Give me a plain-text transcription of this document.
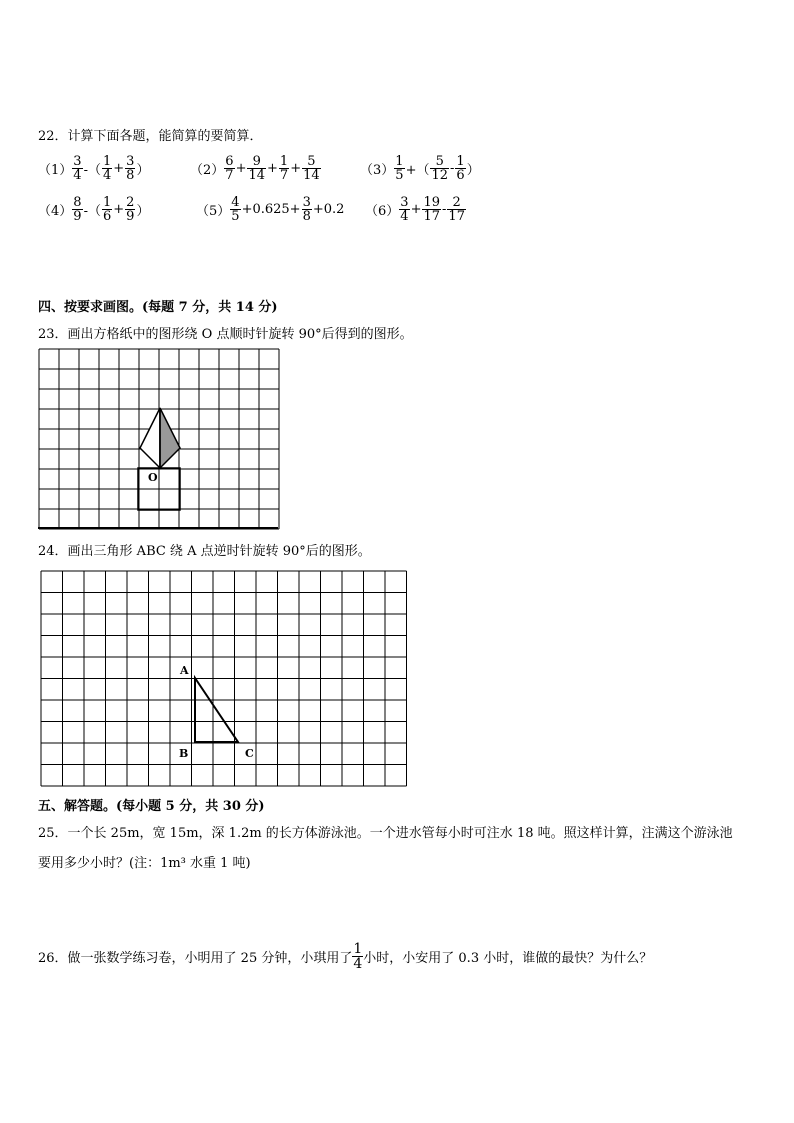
22．计算下面各题，能简算的要简算．
$(1) \frac{3}{4}$ -（ $\frac{1}{4} + \frac{3}{8}$ ）	$(2) \frac{6}{7} + \frac{9}{14} + \frac{1}{7} + \frac{5}{14}$	$(3) \frac{1}{5}$ +（ $\frac{5}{12} - \frac{1}{6}$ ）
$(4) \frac{8}{9}$ -（ $\frac{1}{6} + \frac{2}{9}$ ）	$(5) \frac{4}{5} +0.625+ \frac{3}{8} +0.2$ $(6) \frac{3}{4} + \frac{19}{17} - \frac{2}{17}$
四、按要求画图。(每题 7 分，共 14 分)
23．画出方格纸中的图形绕 O 点顺时针旋转 90°后得到的图形。
O
24．画出三角形 ABC 绕 A 点逆时针旋转 90°后的图形。
A
B	C
五、解答题。(每小题 5 分，共 30 分)
25．一个长 25m，宽 15m，深 1.2m 的长方体游泳池。一个进水管每小时可注水 18 吨。照这样计算，注满这个游泳池
要用多少小时？(注：1m³ 水重 1 吨)
26．做一张数学练习卷，小明用了 25 分钟，小琪用了 $\frac{1}{4}$ 小时，小安用了 0.3 小时，谁做的最快？为什么？
